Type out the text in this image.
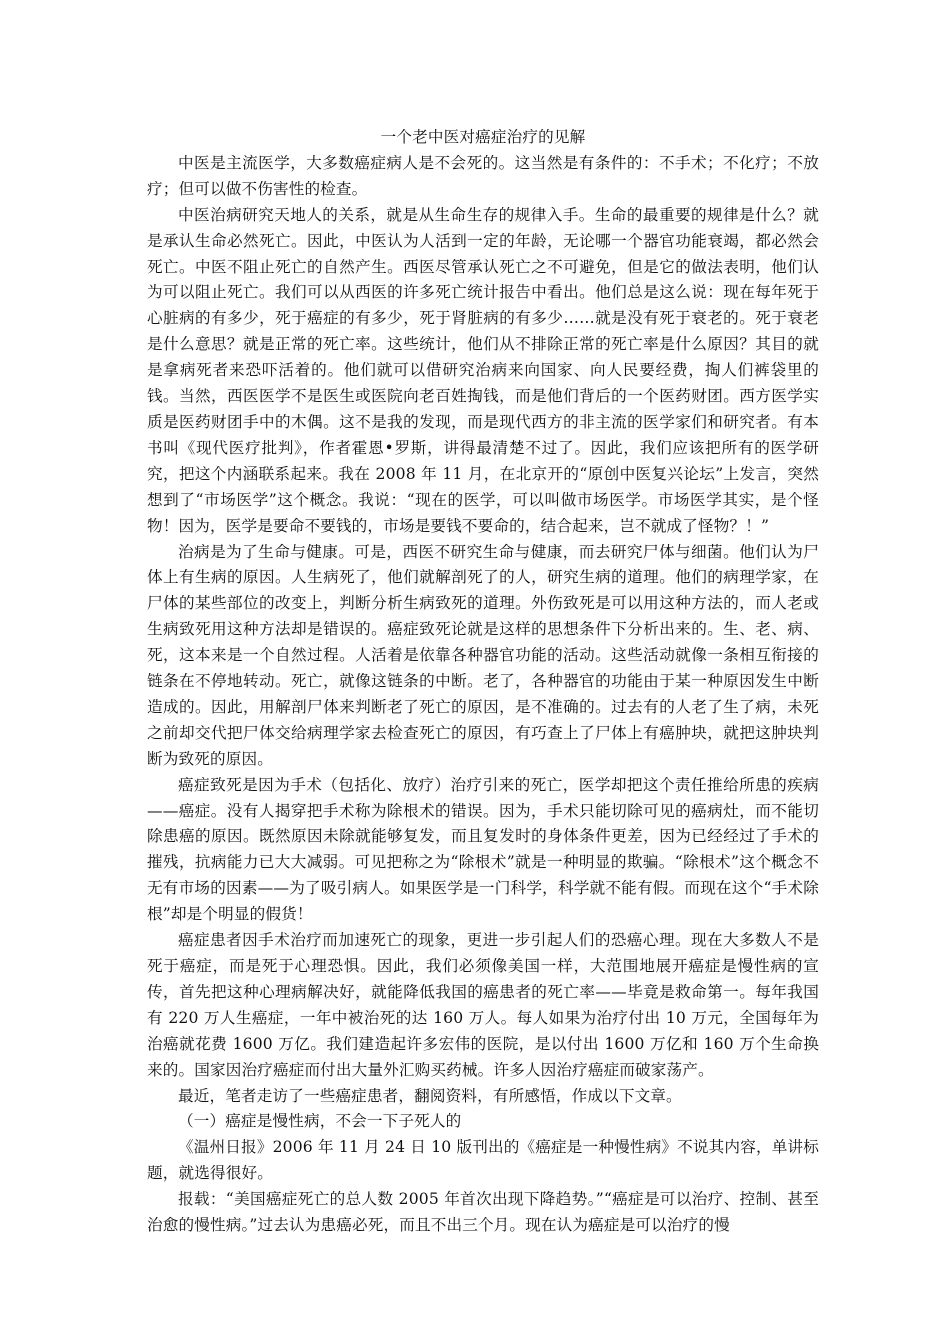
一个老中医对癌症治疗的见解

中医是主流医学，大多数癌症病人是不会死的。这当然是有条件的：不手术；不化疗；不放疗；但可以做不伤害性的检查。

中医治病研究天地人的关系，就是从生命生存的规律入手。生命的最重要的规律是什么？就是承认生命必然死亡。因此，中医认为人活到一定的年龄，无论哪一个器官功能衰竭，都必然会死亡。中医不阻止死亡的自然产生。西医尽管承认死亡之不可避免，但是它的做法表明，他们认为可以阻止死亡。我们可以从西医的许多死亡统计报告中看出。他们总是这么说：现在每年死于心脏病的有多少，死于癌症的有多少，死于肾脏病的有多少……就是没有死于衰老的。死于衰老是什么意思？就是正常的死亡率。这些统计，他们从不排除正常的死亡率是什么原因？其目的就是拿病死者来恐吓活着的。他们就可以借研究治病来向国家、向人民要经费，掏人们裤袋里的钱。当然，西医医学不是医生或医院向老百姓掏钱，而是他们背后的一个医药财团。西方医学实质是医药财团手中的木偶。这不是我的发现，而是现代西方的非主流的医学家们和研究者。有本书叫《现代医疗批判》，作者霍恩•罗斯，讲得最清楚不过了。因此，我们应该把所有的医学研究，把这个内涵联系起来。我在 2008 年 11 月，在北京开的“原创中医复兴论坛”上发言，突然想到了“市场医学”这个概念。我说：“现在的医学，可以叫做市场医学。市场医学其实，是个怪物！因为，医学是要命不要钱的，市场是要钱不要命的，结合起来，岂不就成了怪物？！”

治病是为了生命与健康。可是，西医不研究生命与健康，而去研究尸体与细菌。他们认为尸体上有生病的原因。人生病死了，他们就解剖死了的人，研究生病的道理。他们的病理学家，在尸体的某些部位的改变上，判断分析生病致死的道理。外伤致死是可以用这种方法的，而人老或生病致死用这种方法却是错误的。癌症致死论就是这样的思想条件下分析出来的。生、老、病、死，这本来是一个自然过程。人活着是依靠各种器官功能的活动。这些活动就像一条相互衔接的链条在不停地转动。死亡，就像这链条的中断。老了，各种器官的功能由于某一种原因发生中断造成的。因此，用解剖尸体来判断老了死亡的原因，是不准确的。过去有的人老了生了病，未死之前却交代把尸体交给病理学家去检查死亡的原因，有巧查上了尸体上有癌肿块，就把这肿块判断为致死的原因。

癌症致死是因为手术（包括化、放疗）治疗引来的死亡，医学却把这个责任推给所患的疾病——癌症。没有人揭穿把手术称为除根术的错误。因为，手术只能切除可见的癌病灶，而不能切除患癌的原因。既然原因未除就能够复发，而且复发时的身体条件更差，因为已经经过了手术的摧残，抗病能力已大大减弱。可见把称之为“除根术”就是一种明显的欺骗。“除根术”这个概念不无有市场的因素——为了吸引病人。如果医学是一门科学，科学就不能有假。而现在这个“手术除根”却是个明显的假货！

癌症患者因手术治疗而加速死亡的现象，更进一步引起人们的恐癌心理。现在大多数人不是死于癌症，而是死于心理恐惧。因此，我们必须像美国一样，大范围地展开癌症是慢性病的宣传，首先把这种心理病解决好，就能降低我国的癌患者的死亡率——毕竟是救命第一。每年我国有 220 万人生癌症，一年中被治死的达 160 万人。每人如果为治疗付出 10 万元，全国每年为治癌就花费 1600 万亿。我们建造起许多宏伟的医院，是以付出 1600 万亿和 160 万个生命换来的。国家因治疗癌症而付出大量外汇购买药械。许多人因治疗癌症而破家荡产。

最近，笔者走访了一些癌症患者，翻阅资料，有所感悟，作成以下文章。

（一）癌症是慢性病，不会一下子死人的

《温州日报》2006 年 11 月 24 日 10 版刊出的《癌症是一种慢性病》不说其内容，单讲标题，就选得很好。

报载：“美国癌症死亡的总人数 2005 年首次出现下降趋势。”“癌症是可以治疗、控制、甚至治愈的慢性病。”过去认为患癌必死，而且不出三个月。现在认为癌症是可以治疗的慢
